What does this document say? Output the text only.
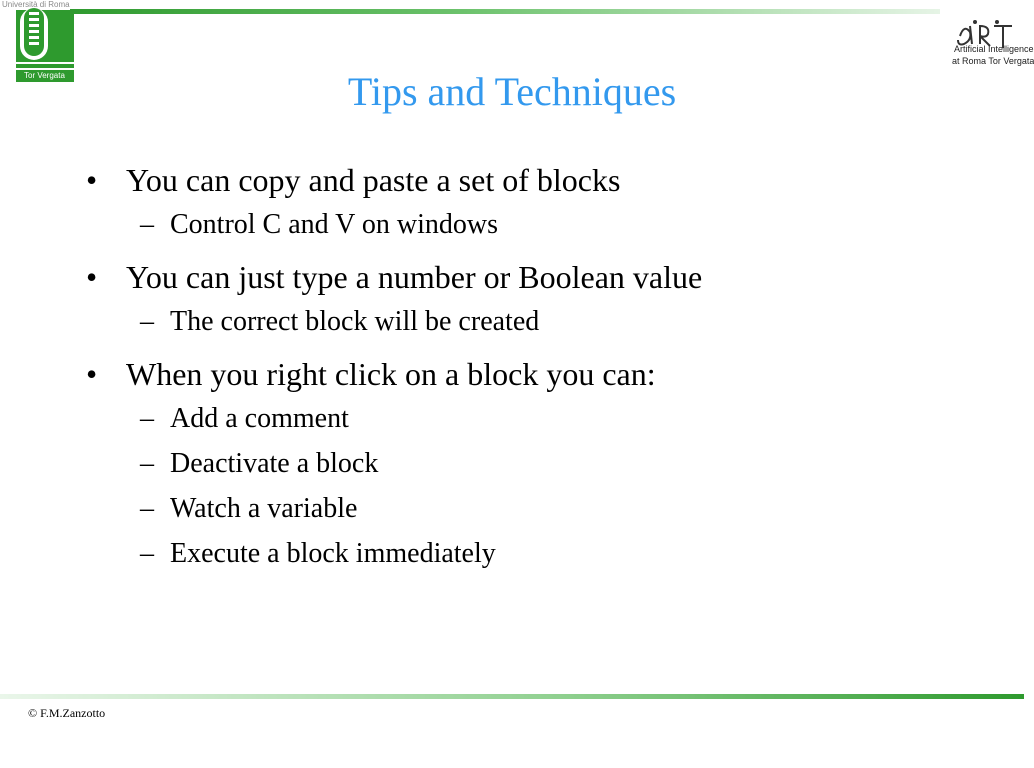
Università di Roma
Tor Vergata
Artificial Intelligence
at Roma Tor Vergata
Tips and Techniques
• You can copy and paste a set of blocks
– Control C and V on windows
• You can just type a number or Boolean value
– The correct block will be created
• When you right click on a block you can:
– Add a comment
– Deactivate a block
– Watch a variable
– Execute a block immediately
© F.M.Zanzotto
